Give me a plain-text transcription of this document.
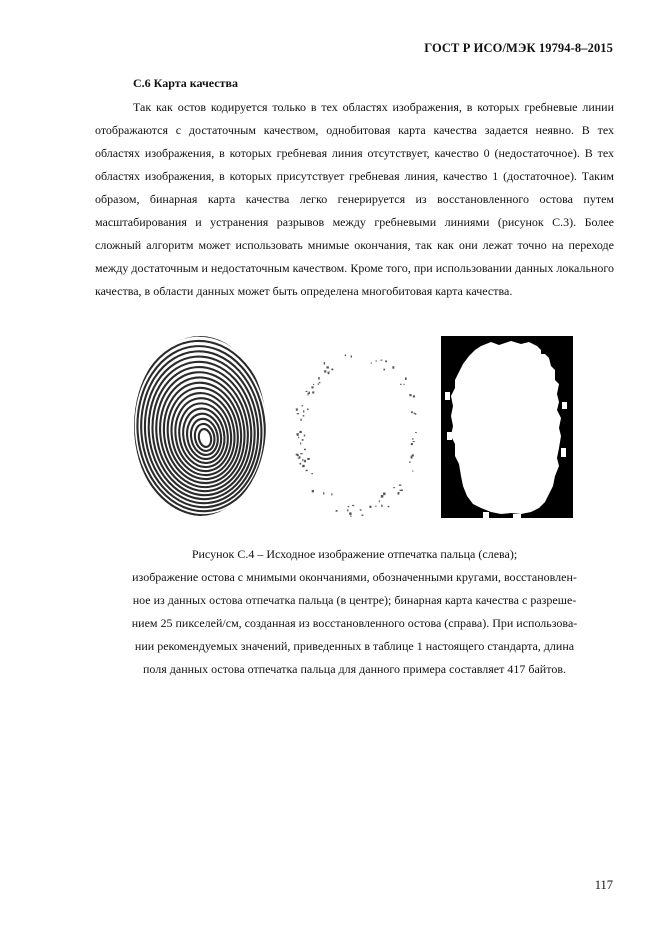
ГОСТ Р ИСО/МЭК 19794-8–2015
С.6 Карта качества

Так как остов кодируется только в тех областях изображения, в которых гребневые линии отображаются с достаточным качеством, однобитовая карта качества задается неявно. В тех областях изображения, в которых гребневая линия отсутствует, качество 0 (недостаточное). В тех областях изображения, в которых присутствует гребневая линия, качество 1 (достаточное). Таким образом, бинарная карта качества легко генерируется из восстановленного остова путем масштабирования и устранения разрывов между гребневыми линиями (рисунок С.3). Более сложный алгоритм может использовать мнимые окончания, так как они лежат точно на переходе между достаточным и недостаточным качеством. Кроме того, при использовании данных локального качества, в области данных может быть определена многобитовая карта качества.

Рисунок С.4 – Исходное изображение отпечатка пальца (слева);
изображение остова с мнимыми окончаниями, обозначенными кругами, восстановлен-
ное из данных остова отпечатка пальца (в центре); бинарная карта качества с разреше-
нием 25 пикселей/см, созданная из восстановленного остова (справа). При использова-
нии рекомендуемых значений, приведенных в таблице 1 настоящего стандарта, длина
поля данных остова отпечатка пальца для данного примера составляет 417 байтов.
117
